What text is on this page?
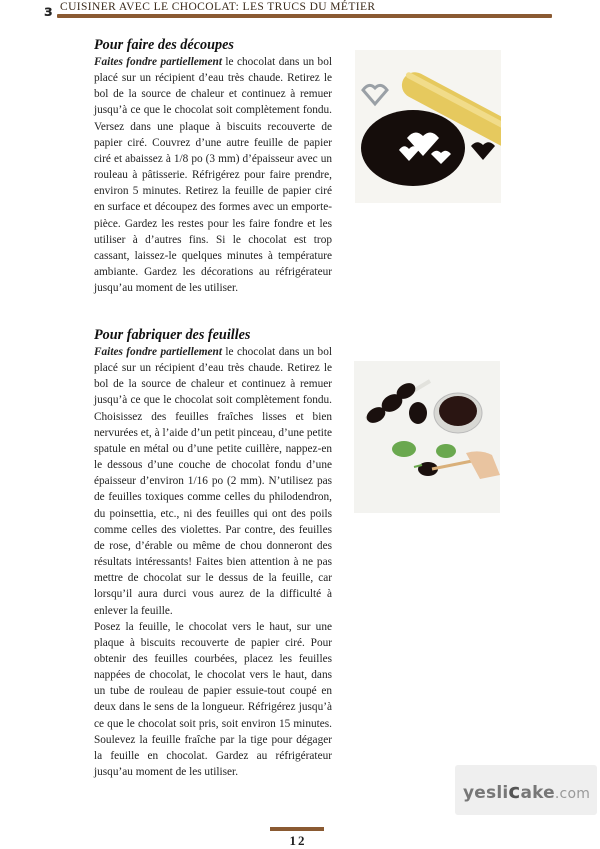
з CUISINER AVEC LE CHOCOLAT: LES TRUCS DU MÉTIER
Pour faire des découpes

Faites fondre partiellement le chocolat dans un bol placé sur un récipient d’eau très chaude. Retirez le bol de la source de chaleur et continuez à remuer jusqu’à ce que le chocolat soit complètement fondu. Versez dans une plaque à biscuits recouverte de papier ciré. Couvrez d’une autre feuille de papier ciré et abaissez à 1/8 po (3 mm) d’épaisseur avec un rouleau à pâtisserie. Réfrigérez pour faire prendre, environ 5 minutes. Retirez la feuille de papier ciré en surface et découpez des formes avec un emporte-pièce. Gardez les restes pour les faire fondre et les utiliser à d’autres fins. Si le chocolat est trop cassant, laissez-le quelques minutes à température ambiante. Gardez les décorations au réfrigérateur jusqu’au moment de les utiliser.

Pour fabriquer des feuilles

Faites fondre partiellement le chocolat dans un bol placé sur un récipient d’eau très chaude. Retirez le bol de la source de chaleur et continuez à remuer jusqu’à ce que le chocolat soit complètement fondu. Choisissez des feuilles fraîches lisses et bien nervurées et, à l’aide d’un petit pinceau, d’une petite spatule en métal ou d’une petite cuillère, nappez-en le dessous d’une couche de chocolat fondu d’une épaisseur d’environ 1/16 po (2 mm). N’utilisez pas de feuilles toxiques comme celles du philodendron, du poinsettia, etc., ni des feuilles qui ont des poils comme celles des violettes. Par contre, des feuilles de rose, d’érable ou même de chou donneront des résultats intéressants! Faites bien attention à ne pas mettre de chocolat sur le dessus de la feuille, car lorsqu’il aura durci vous aurez de la difficulté à enlever la feuille.

Posez la feuille, le chocolat vers le haut, sur une plaque à biscuits recouverte de papier ciré. Pour obtenir des feuilles courbées, placez les feuilles nappées de chocolat, le chocolat vers le haut, dans un tube de rouleau de papier essuie-tout coupé en deux dans le sens de la longueur. Réfrigérez jusqu’à ce que le chocolat soit pris, soit environ 15 minutes. Soulevez la feuille fraîche par la tige pour dégager la feuille en chocolat. Gardez au réfrigérateur jusqu’au moment de les utiliser.

yeslicake.com
12
